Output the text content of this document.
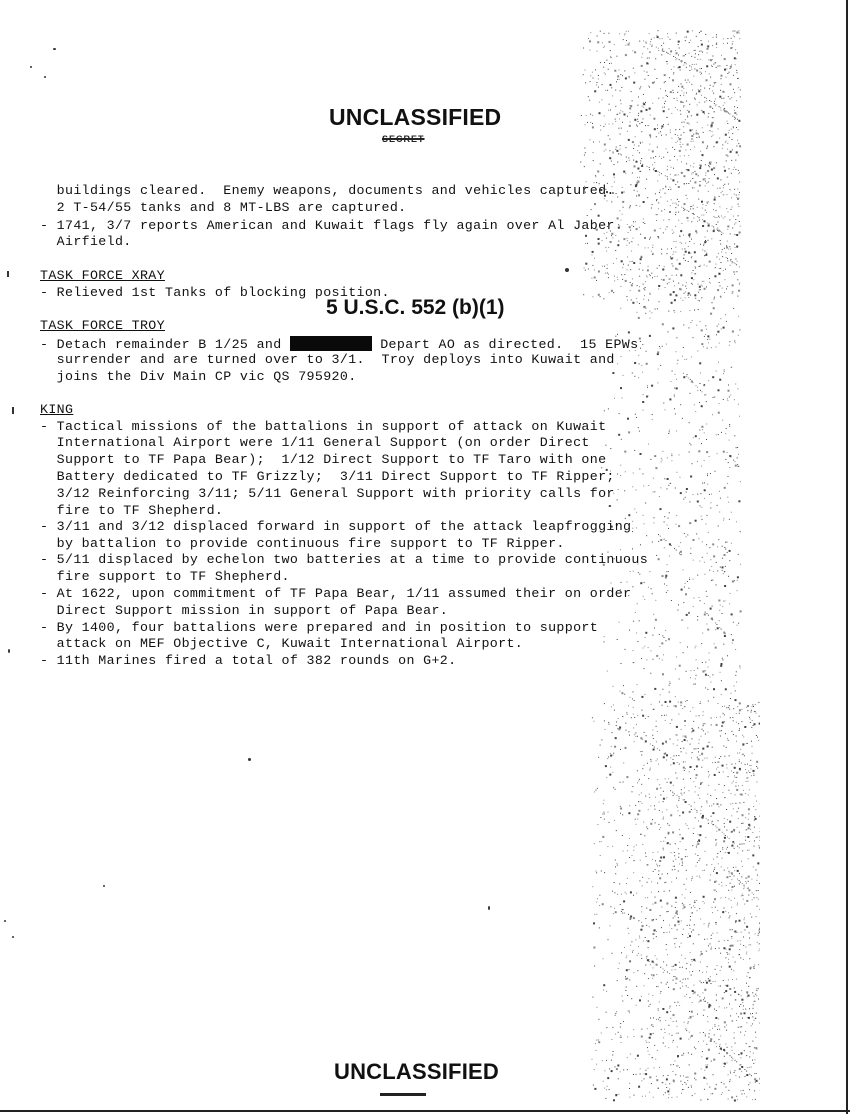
UNCLASSIFIED
SECRET
buildings cleared.  Enemy weapons, documents and vehicles captured.
2 T-54/55 tanks and 8 MT-LBS are captured.
- 1741, 3/7 reports American and Kuwait flags fly again over Al Jaber
Airfield.
TASK FORCE XRAY
- Relieved 1st Tanks of blocking position.
5 U.S.C. 552 (b)(1)
TASK FORCE TROY
- Detach remainder B 1/25 and	Depart AO as directed.  15 EPWs
surrender and are turned over to 3/1.  Troy deploys into Kuwait and
joins the Div Main CP vic QS 795920.
KING
- Tactical missions of the battalions in support of attack on Kuwait
International Airport were 1/11 General Support (on order Direct
Support to TF Papa Bear);  1/12 Direct Support to TF Taro with one
Battery dedicated to TF Grizzly;  3/11 Direct Support to TF Ripper;
3/12 Reinforcing 3/11; 5/11 General Support with priority calls for
fire to TF Shepherd.
- 3/11 and 3/12 displaced forward in support of the attack leapfrogging
by battalion to provide continuous fire support to TF Ripper.
- 5/11 displaced by echelon two batteries at a time to provide continuous
fire support to TF Shepherd.
- At 1622, upon commitment of TF Papa Bear, 1/11 assumed their on order
Direct Support mission in support of Papa Bear.
- By 1400, four battalions were prepared and in position to support
attack on MEF Objective C, Kuwait International Airport.
- 11th Marines fired a total of 382 rounds on G+2.
UNCLASSIFIED
